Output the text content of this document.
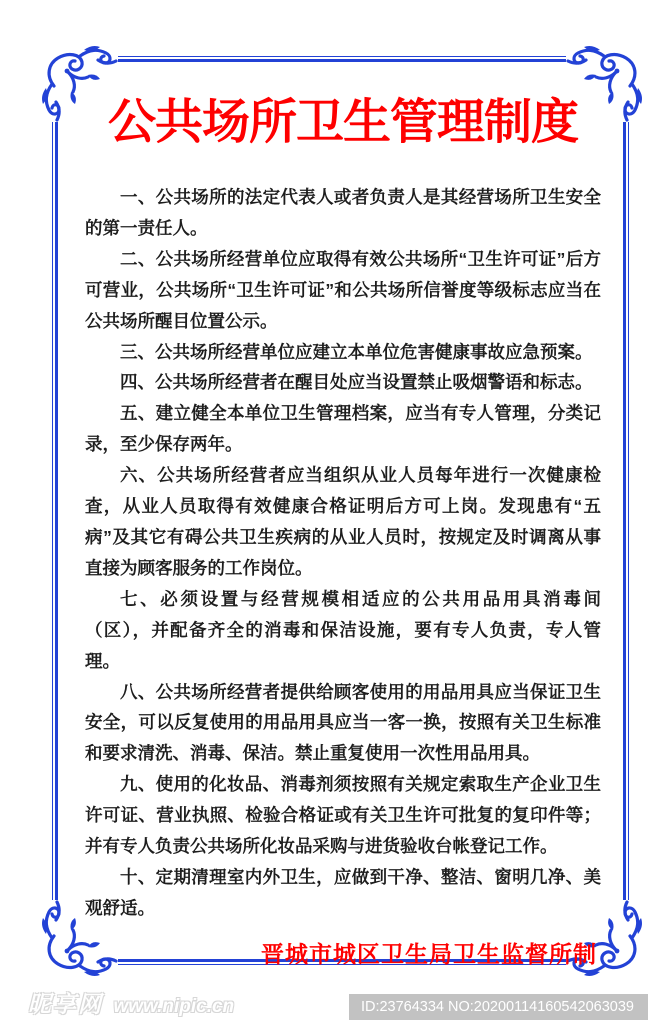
公共场所卫生管理制度

一、公共场所的法定代表人或者负责人是其经营场所卫生安全的第一责任人。

二、公共场所经营单位应取得有效公共场所“卫生许可证”后方可营业，公共场所“卫生许可证”和公共场所信誉度等级标志应当在公共场所醒目位置公示。

三、公共场所经营单位应建立本单位危害健康事故应急预案。

四、公共场所经营者在醒目处应当设置禁止吸烟警语和标志。

五、建立健全本单位卫生管理档案，应当有专人管理，分类记录，至少保存两年。

六、公共场所经营者应当组织从业人员每年进行一次健康检查，从业人员取得有效健康合格证明后方可上岗。发现患有“五病”及其它有碍公共卫生疾病的从业人员时，按规定及时调离从事直接为顾客服务的工作岗位。

七、必须设置与经营规模相适应的公共用品用具消毒间（区），并配备齐全的消毒和保洁设施，要有专人负责，专人管理。

八、公共场所经营者提供给顾客使用的用品用具应当保证卫生安全，可以反复使用的用品用具应当一客一换，按照有关卫生标准和要求清洗、消毒、保洁。禁止重复使用一次性用品用具。

九、使用的化妆品、消毒剂须按照有关规定索取生产企业卫生许可证、营业执照、检验合格证或有关卫生许可批复的复印件等；并有专人负责公共场所化妆品采购与进货验收台帐登记工作。

十、定期清理室内外卫生，应做到干净、整洁、窗明几净、美观舒适。

晋城市城区卫生局卫生监督所制
昵享网 www.nipic.cn	ID:23764334 NO:20200114160542063039
